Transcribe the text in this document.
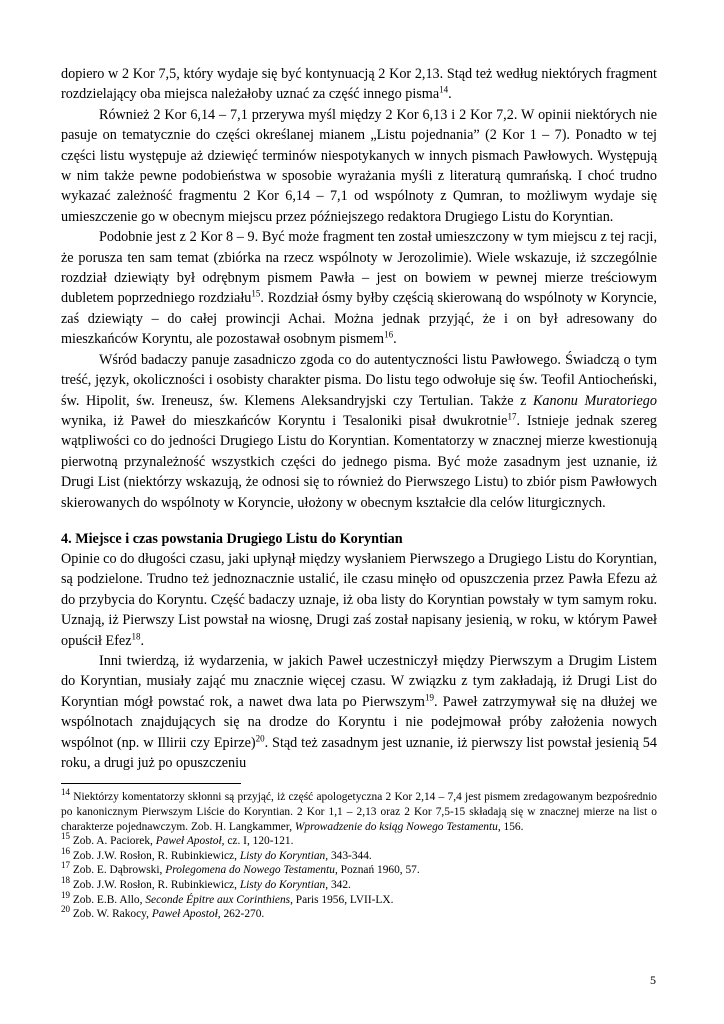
dopiero w 2 Kor 7,5, który wydaje się być kontynuacją 2 Kor 2,13. Stąd też według niektórych fragment rozdzielający oba miejsca należałoby uznać za część innego pisma$^{14}$.

Również 2 Kor 6,14 – 7,1 przerywa myśl między 2 Kor 6,13 i 2 Kor 7,2. W opinii niektórych nie pasuje on tematycznie do części określanej mianem „Listu pojednania” (2 Kor 1 – 7). Ponadto w tej części listu występuje aż dziewięć terminów niespotykanych w innych pismach Pawłowych. Występują w nim także pewne podobieństwa w sposobie wyrażania myśli z literaturą qumrańską. I choć trudno wykazać zależność fragmentu 2 Kor 6,14 – 7,1 od wspólnoty z Qumran, to możliwym wydaje się umieszczenie go w obecnym miejscu przez późniejszego redaktora Drugiego Listu do Koryntian.

Podobnie jest z 2 Kor 8 – 9. Być może fragment ten został umieszczony w tym miejscu z tej racji, że porusza ten sam temat (zbiórka na rzecz wspólnoty w Jerozolimie). Wiele wskazuje, iż szczególnie rozdział dziewiąty był odrębnym pismem Pawła – jest on bowiem w pewnej mierze treściowym dubletem poprzedniego rozdziału$^{15}$. Rozdział ósmy byłby częścią skierowaną do wspólnoty w Koryncie, zaś dziewiąty – do całej prowincji Achai. Można jednak przyjąć, że i on był adresowany do mieszkańców Koryntu, ale pozostawał osobnym pismem$^{16}$.

Wśród badaczy panuje zasadniczo zgoda co do autentyczności listu Pawłowego. Świadczą o tym treść, język, okoliczności i osobisty charakter pisma. Do listu tego odwołuje się św. Teofil Antiocheński, św. Hipolit, św. Ireneusz, św. Klemens Aleksandryjski czy Tertulian. Także z Kanonu Muratoriego wynika, iż Paweł do mieszkańców Koryntu i Tesaloniki pisał dwukrotnie$^{17}$. Istnieje jednak szereg wątpliwości co do jedności Drugiego Listu do Koryntian. Komentatorzy w znacznej mierze kwestionują pierwotną przynależność wszystkich części do jednego pisma. Być może zasadnym jest uznanie, iż Drugi List (niektórzy wskazują, że odnosi się to również do Pierwszego Listu) to zbiór pism Pawłowych skierowanych do wspólnoty w Koryncie, ułożony w obecnym kształcie dla celów liturgicznych.

4. Miejsce i czas powstania Drugiego Listu do Koryntian

Opinie co do długości czasu, jaki upłynął między wysłaniem Pierwszego a Drugiego Listu do Koryntian, są podzielone. Trudno też jednoznacznie ustalić, ile czasu minęło od opuszczenia przez Pawła Efezu aż do przybycia do Koryntu. Część badaczy uznaje, iż oba listy do Koryntian powstały w tym samym roku. Uznają, iż Pierwszy List powstał na wiosnę, Drugi zaś został napisany jesienią, w roku, w którym Paweł opuścił Efez$^{18}$.

Inni twierdzą, iż wydarzenia, w jakich Paweł uczestniczył między Pierwszym a Drugim Listem do Koryntian, musiały zająć mu znacznie więcej czasu. W związku z tym zakładają, iż Drugi List do Koryntian mógł powstać rok, a nawet dwa lata po Pierwszym$^{19}$. Paweł zatrzymywał się na dłużej we wspólnotach znajdujących się na drodze do Koryntu i nie podejmował próby założenia nowych wspólnot (np. w Illirii czy Epirze)$^{20}$. Stąd też zasadnym jest uznanie, iż pierwszy list powstał jesienią 54 roku, a drugi już po opuszczeniu

$^{14}$ Niektórzy komentatorzy skłonni są przyjąć, iż część apologetyczna 2 Kor 2,14 – 7,4 jest pismem zredagowanym bezpośrednio po kanonicznym Pierwszym Liście do Koryntian. 2 Kor 1,1 – 2,13 oraz 2 Kor 7,5-15 składają się w znacznej mierze na list o charakterze pojednawczym. Zob. H. Langkammer, Wprowadzenie do ksiąg Nowego Testamentu, 156.

$^{15}$ Zob. A. Paciorek, Paweł Apostoł, cz. I, 120-121.

$^{16}$ Zob. J.W. Rosłon, R. Rubinkiewicz, Listy do Koryntian, 343-344.

$^{17}$ Zob. E. Dąbrowski, Prolegomena do Nowego Testamentu, Poznań 1960, 57.

$^{18}$ Zob. J.W. Rosłon, R. Rubinkiewicz, Listy do Koryntian, 342.

$^{19}$ Zob. E.B. Allo, Seconde Épitre aux Corinthiens, Paris 1956, LVII-LX.

$^{20}$ Zob. W. Rakocy, Paweł Apostoł, 262-270.

5
